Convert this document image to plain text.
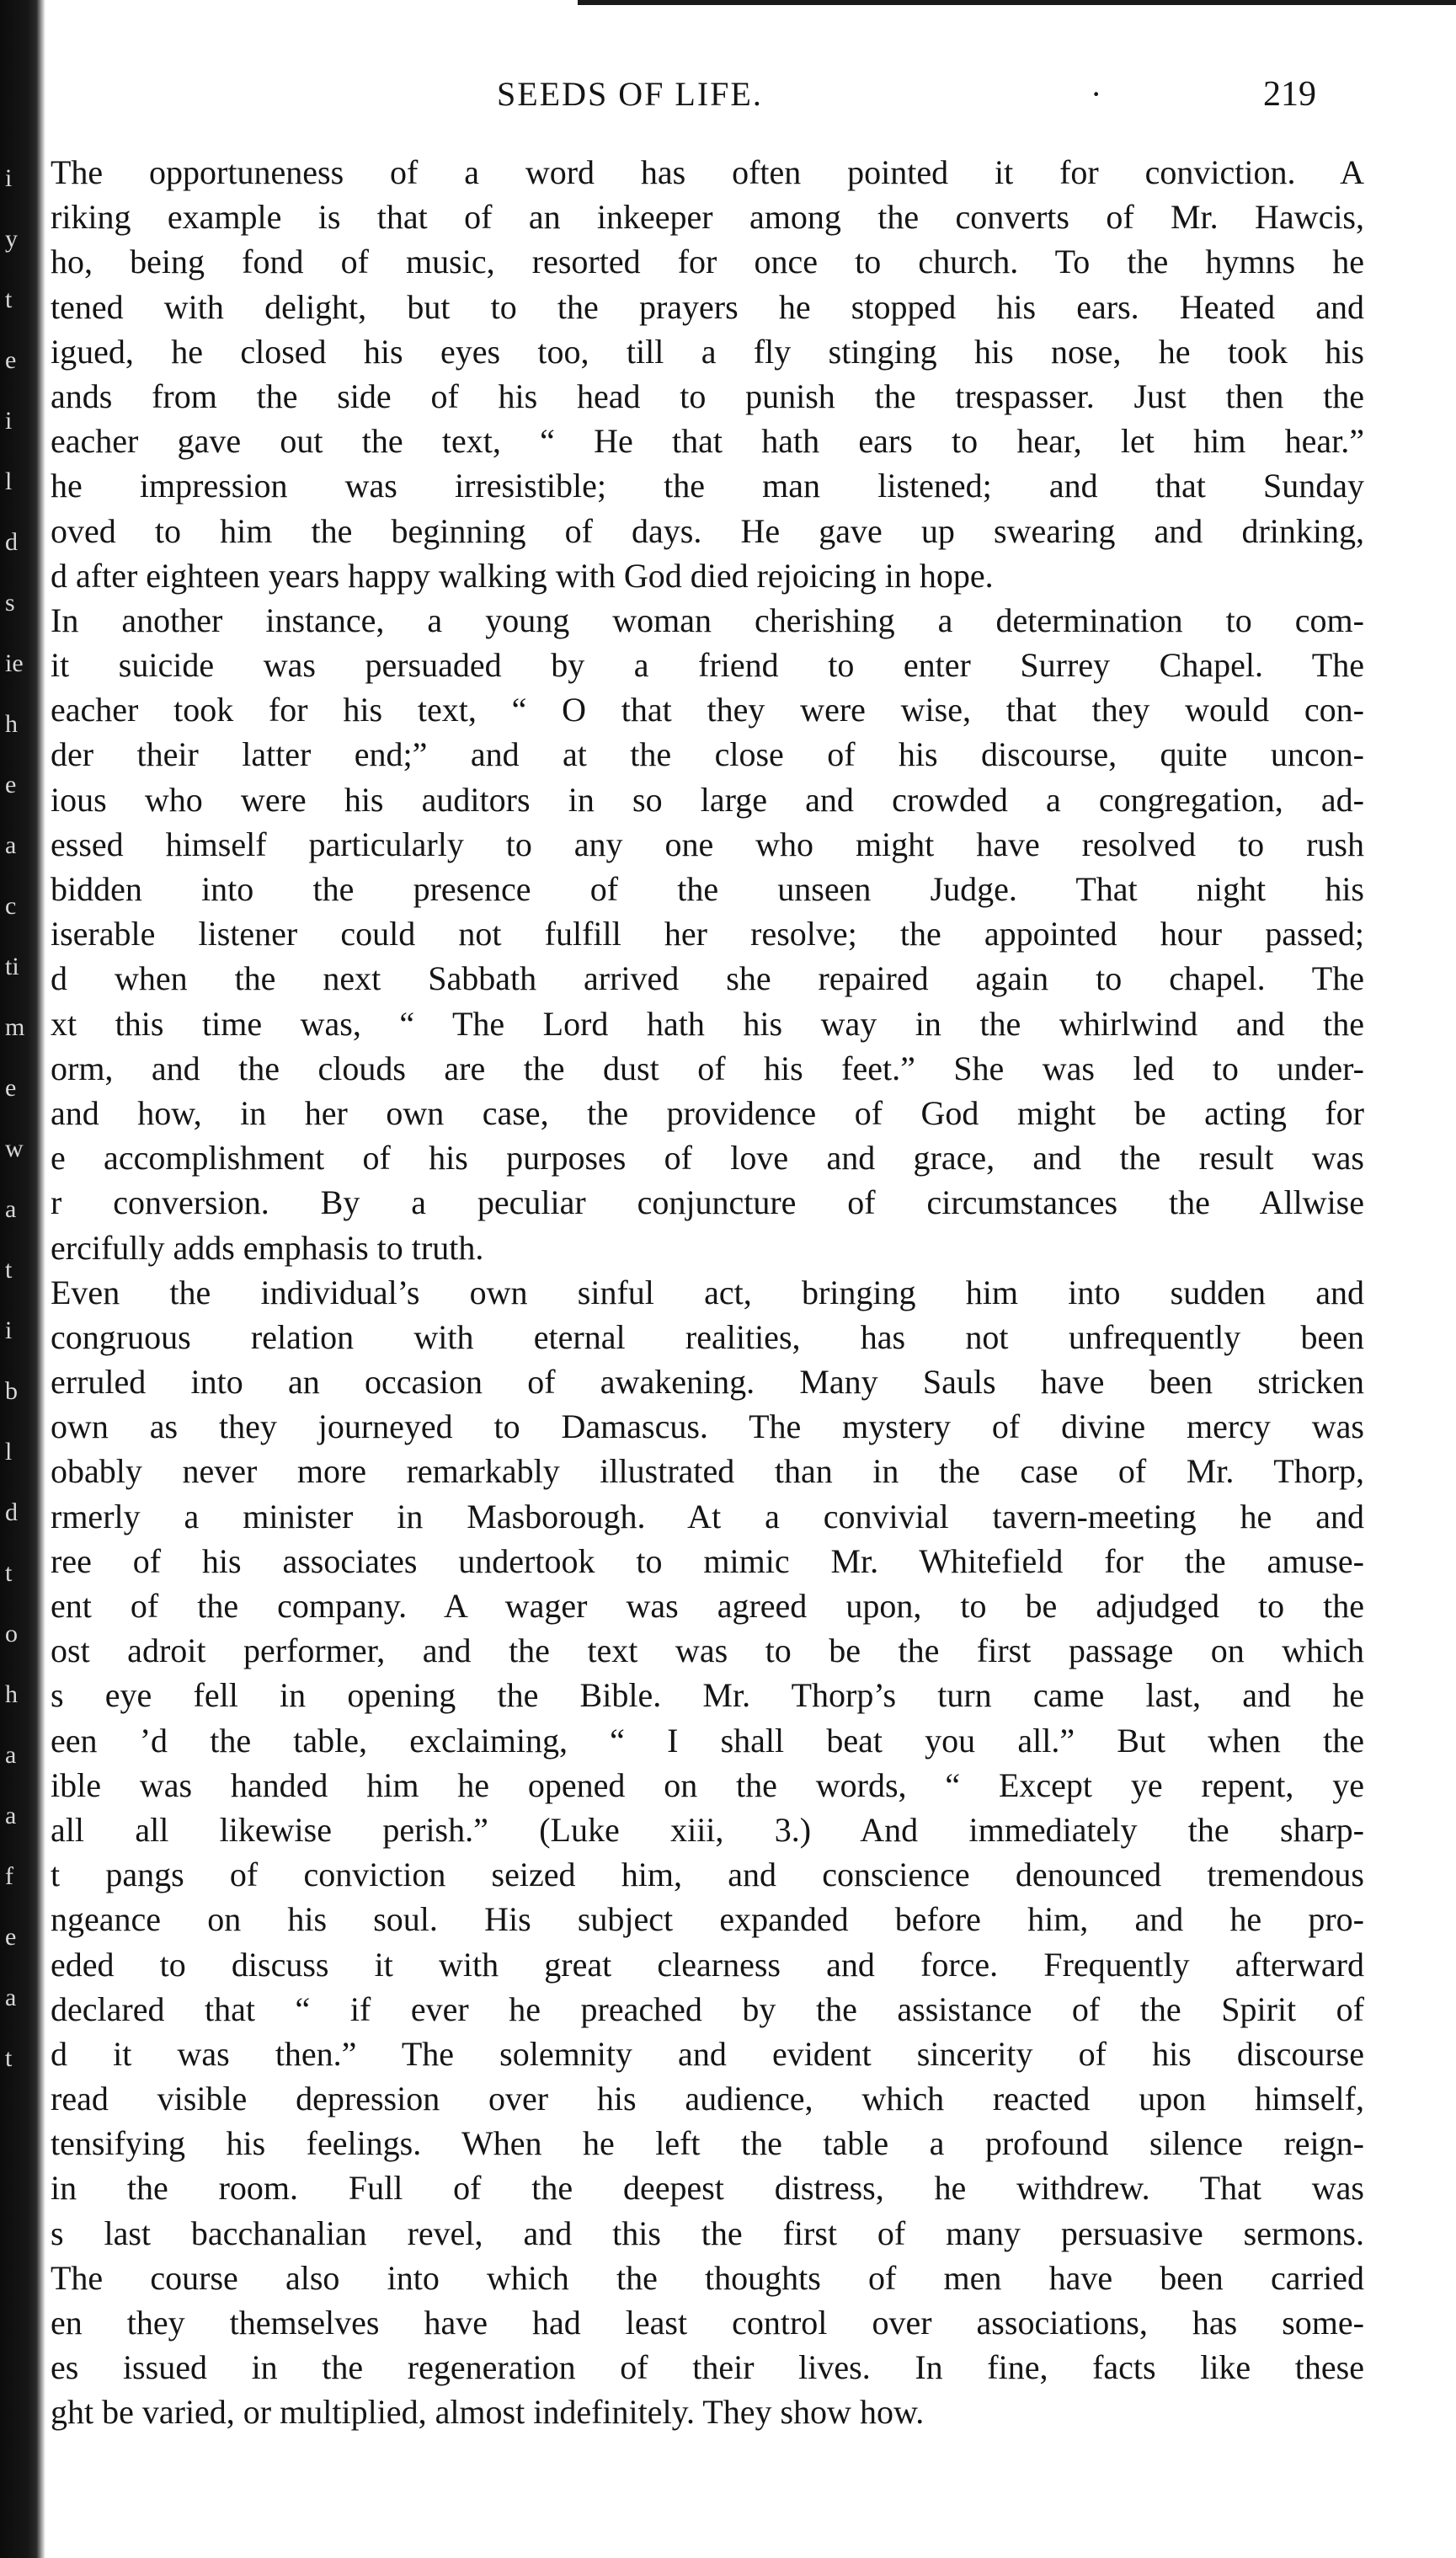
i
y
t
e
i
l
d
s
ie
h
e
a
c
ti
m
e
w
a
t
i
b
l
d
t
o
h
a
a
f
e
a
t
SEEDS OF LIFE.	·	219
The opportuneness of a word has often pointed it for conviction. A
riking example is that of an inkeeper among the converts of Mr. Hawcis,
ho, being fond of music, resorted for once to church. To the hymns he
tened with delight, but to the prayers he stopped his ears. Heated and
igued, he closed his eyes too, till a fly stinging his nose, he took his
ands from the side of his head to punish the trespasser. Just then the
eacher gave out the text, “ He that hath ears to hear, let him hear.”
he impression was irresistible; the man listened; and that Sunday
oved to him the beginning of days. He gave up swearing and drinking,
d after eighteen years happy walking with God died rejoicing in hope.
In another instance, a young woman cherishing a determination to com-
it suicide was persuaded by a friend to enter Surrey Chapel. The
eacher took for his text, “ O that they were wise, that they would con-
der their latter end;” and at the close of his discourse, quite uncon-
ious who were his auditors in so large and crowded a congregation, ad-
essed himself particularly to any one who might have resolved to rush
bidden into the presence of the unseen Judge. That night his
iserable listener could not fulfill her resolve; the appointed hour passed;
d when the next Sabbath arrived she repaired again to chapel. The
xt this time was, “ The Lord hath his way in the whirlwind and the
orm, and the clouds are the dust of his feet.” She was led to under-
and how, in her own case, the providence of God might be acting for
e accomplishment of his purposes of love and grace, and the result was
r conversion. By a peculiar conjuncture of circumstances the Allwise
ercifully adds emphasis to truth.
Even the individual’s own sinful act, bringing him into sudden and
congruous relation with eternal realities, has not unfrequently been
erruled into an occasion of awakening. Many Sauls have been stricken
own as they journeyed to Damascus. The mystery of divine mercy was
obably never more remarkably illustrated than in the case of Mr. Thorp,
rmerly a minister in Masborough. At a convivial tavern-meeting he and
ree of his associates undertook to mimic Mr. Whitefield for the amuse-
ent of the company. A wager was agreed upon, to be adjudged to the
ost adroit performer, and the text was to be the first passage on which
s eye fell in opening the Bible. Mr. Thorp’s turn came last, and he
een ’d the table, exclaiming, “ I shall beat you all.” But when the
ible was handed him he opened on the words, “ Except ye repent, ye
all all likewise perish.” (Luke xiii, 3.) And immediately the sharp-
t pangs of conviction seized him, and conscience denounced tremendous
ngeance on his soul. His subject expanded before him, and he pro-
eded to discuss it with great clearness and force. Frequently afterward
declared that “ if ever he preached by the assistance of the Spirit of
d it was then.” The solemnity and evident sincerity of his discourse
read visible depression over his audience, which reacted upon himself,
tensifying his feelings. When he left the table a profound silence reign-
in the room. Full of the deepest distress, he withdrew. That was
s last bacchanalian revel, and this the first of many persuasive sermons.
The course also into which the thoughts of men have been carried
en they themselves have had least control over associations, has some-
es issued in the regeneration of their lives. In fine, facts like these
ght be varied, or multiplied, almost indefinitely. They show how.
